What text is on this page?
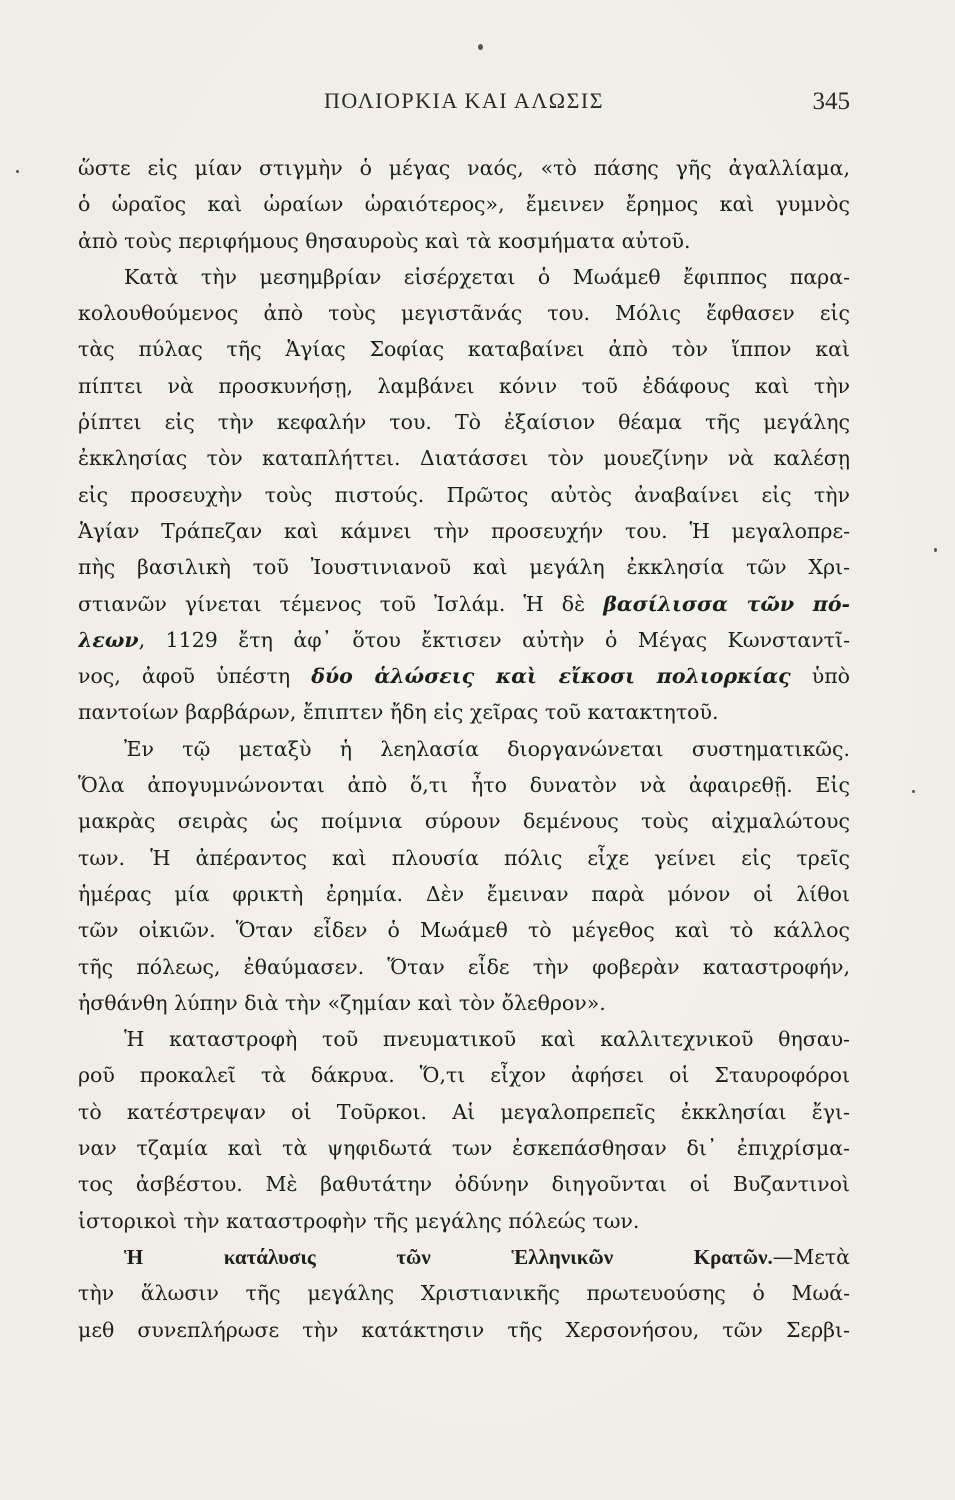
ΠΟΛΙΟΡΚΙΑ ΚΑΙ ΑΛΩΣΙΣ	345
ὥστε εἰς μίαν στιγμὴν ὁ μέγας ναός, «τὸ πάσης γῆς ἀγαλλίαμα,
ὁ ὡραῖος καὶ ὡραίων ὡραιότερος», ἔμεινεν ἔρημος καὶ γυμνὸς
ἀπὸ τοὺς περιφήμους θησαυροὺς καὶ τὰ κοσμήματα αὐτοῦ.
Κατὰ τὴν μεσημβρίαν εἰσέρχεται ὁ Μωάμεθ ἔφιππος παρα-
κολουθούμενος ἀπὸ τοὺς μεγιστᾶνάς του. Μόλις ἔφθασεν εἰς
τὰς πύλας τῆς Ἁγίας Σοφίας καταβαίνει ἀπὸ τὸν ἵππον καὶ
πίπτει νὰ προσκυνήσῃ, λαμβάνει κόνιν τοῦ ἐδάφους καὶ τὴν
ῥίπτει εἰς τὴν κεφαλήν του. Τὸ ἐξαίσιον θέαμα τῆς μεγάλης
ἐκκλησίας τὸν καταπλήττει. Διατάσσει τὸν μουεζίνην νὰ καλέσῃ
εἰς προσευχὴν τοὺς πιστούς. Πρῶτος αὐτὸς ἀναβαίνει εἰς τὴν
Ἁγίαν Τράπεζαν καὶ κάμνει τὴν προσευχήν του. Ἡ μεγαλοπρε-
πὴς βασιλικὴ τοῦ Ἰουστινιανοῦ καὶ μεγάλη ἐκκλησία τῶν Χρι-
στιανῶν γίνεται τέμενος τοῦ Ἰσλάμ. Ἡ δὲ βασίλισσα τῶν πό-
λεων, 1129 ἔτη ἀφ᾽ ὅτου ἔκτισεν αὐτὴν ὁ Μέγας Κωνσταντῖ-
νος, ἀφοῦ ὑπέστη δύο ἁλώσεις καὶ εἴκοσι πολιορκίας ὑπὸ
παντοίων βαρβάρων, ἔπιπτεν ἤδη εἰς χεῖρας τοῦ κατακτητοῦ.
Ἐν τῷ μεταξὺ ἡ λεηλασία διοργανώνεται συστηματικῶς.
Ὅλα ἀπογυμνώνονται ἀπὸ ὅ,τι ἦτο δυνατὸν νὰ ἀφαιρεθῇ. Εἰς
μακρὰς σειρὰς ὡς ποίμνια σύρουν δεμένους τοὺς αἰχμαλώτους
των. Ἡ ἀπέραντος καὶ πλουσία πόλις εἶχε γείνει εἰς τρεῖς
ἡμέρας μία φρικτὴ ἐρημία. Δὲν ἔμειναν παρὰ μόνον οἱ λίθοι
τῶν οἰκιῶν. Ὅταν εἶδεν ὁ Μωάμεθ τὸ μέγεθος καὶ τὸ κάλλος
τῆς πόλεως, ἐθαύμασεν. Ὅταν εἶδε τὴν φοβερὰν καταστροφήν,
ἠσθάνθη λύπην διὰ τὴν «ζημίαν καὶ τὸν ὄλεθρον».
Ἡ καταστροφὴ τοῦ πνευματικοῦ καὶ καλλιτεχνικοῦ θησαυ-
ροῦ προκαλεῖ τὰ δάκρυα. Ὅ,τι εἶχον ἀφήσει οἱ Σταυροφόροι
τὸ κατέστρεψαν οἱ Τοῦρκοι. Αἱ μεγαλοπρεπεῖς ἐκκλησίαι ἔγι-
ναν τζαμία καὶ τὰ ψηφιδωτά των ἐσκεπάσθησαν δι᾽ ἐπιχρίσμα-
τος ἀσβέστου. Μὲ βαθυτάτην ὀδύνην διηγοῦνται οἱ Βυζαντινοὶ
ἱστορικοὶ τὴν καταστροφὴν τῆς μεγάλης πόλεώς των.
Ἡ κατάλυσις τῶν Ἑλληνικῶν Κρατῶν.—Μετὰ
τὴν ἅλωσιν τῆς μεγάλης Χριστιανικῆς πρωτευούσης ὁ Μωά-
μεθ συνεπλήρωσε τὴν κατάκτησιν τῆς Χερσονήσου, τῶν Σερβι-
